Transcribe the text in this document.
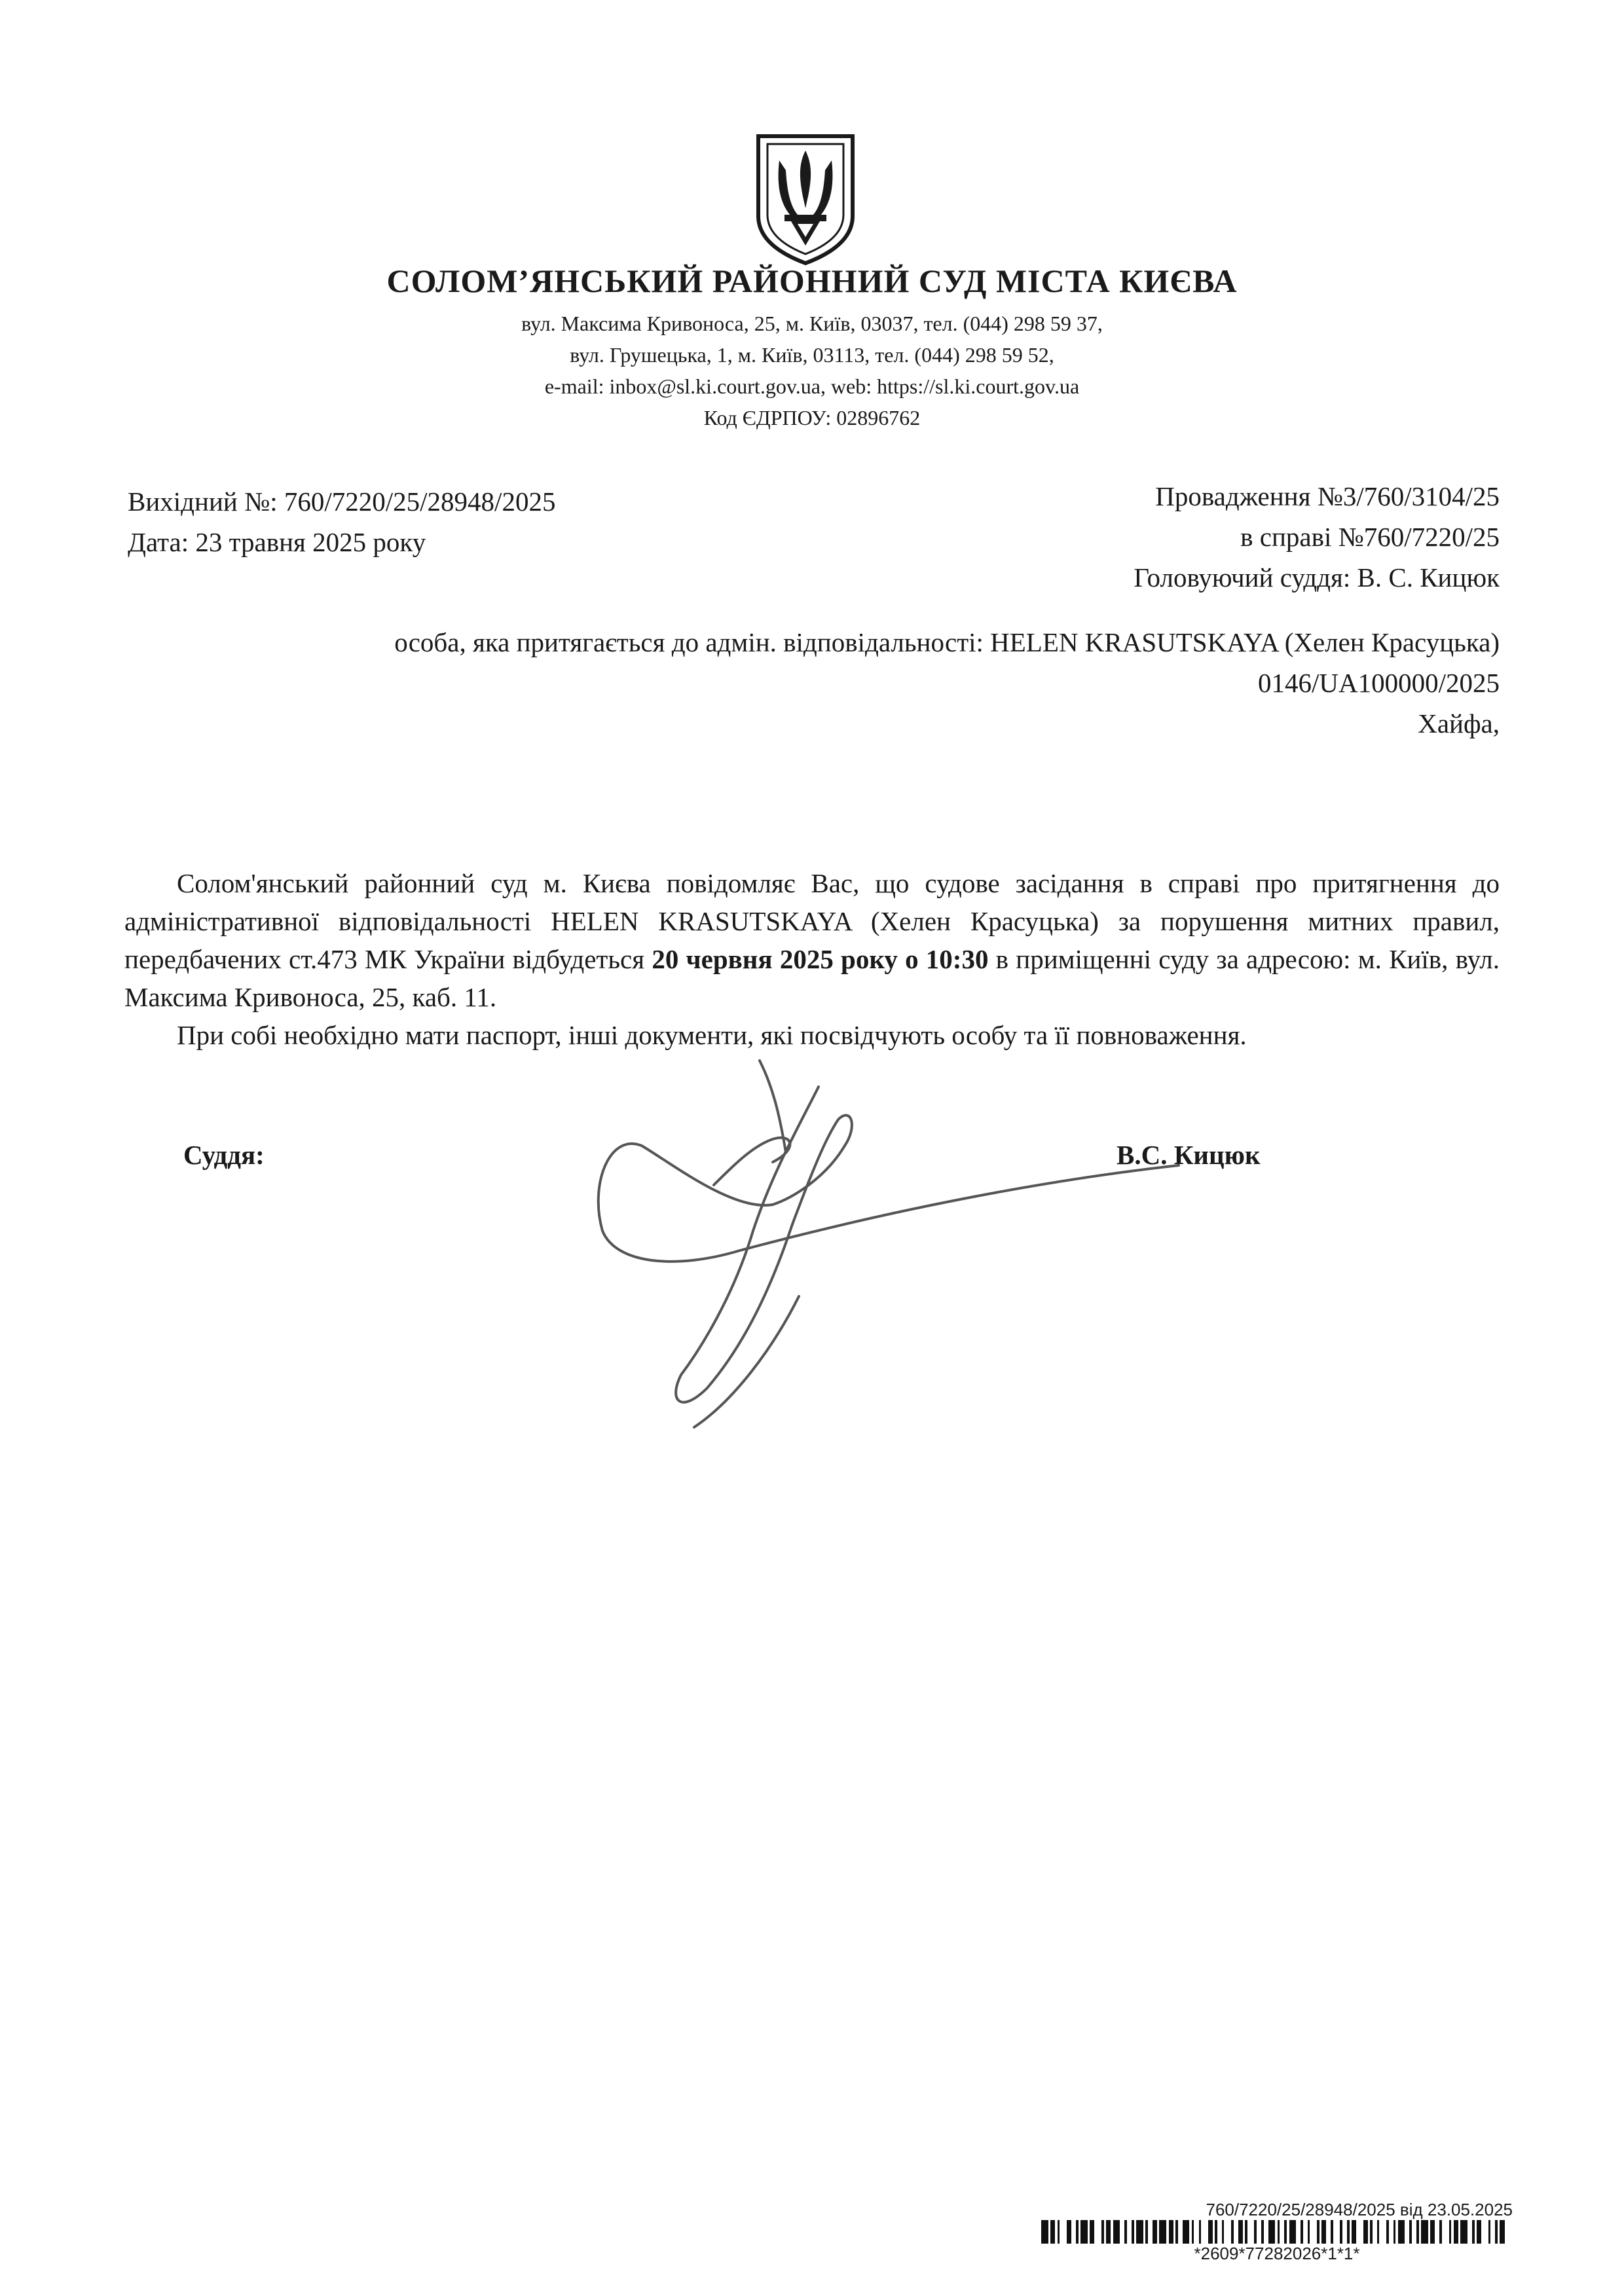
СОЛОМ’ЯНСЬКИЙ РАЙОННИЙ СУД МІСТА КИЄВА
вул. Максима Кривоноса, 25, м. Київ, 03037, тел. (044) 298 59 37,
вул. Грушецька, 1, м. Київ, 03113, тел. (044) 298 59 52,
e-mail: inbox@sl.ki.court.gov.ua, web: https://sl.ki.court.gov.ua
Код ЄДРПОУ: 02896762
Вихідний №: 760/7220/25/28948/2025
Дата: 23 травня 2025 року
Провадження №3/760/3104/25
в справі №760/7220/25
Головуючий суддя: В. С. Кицюк
особа, яка притягається до адмін. відповідальності: HELEN KRASUTSKAYA (Хелен Красуцька)
0146/UA100000/2025
Хайфа,

Солом'янський районний суд м. Києва повідомляє Вас, що судове засідання в справі про притягнення до адміністративної відповідальності HELEN KRASUTSKAYA (Хелен Красуцька) за порушення митних правил, передбачених ст.473 МК України відбудеться 20 червня 2025 року о 10:30 в приміщенні суду за адресою: м. Київ, вул. Максима Кривоноса, 25, каб. 11.

При собі необхідно мати паспорт, інші документи, які посвідчують особу та її повноваження.

Суддя:	В.С. Кицюк
760/7220/25/28948/2025 від 23.05.2025
*2609*77282026*1*1*
